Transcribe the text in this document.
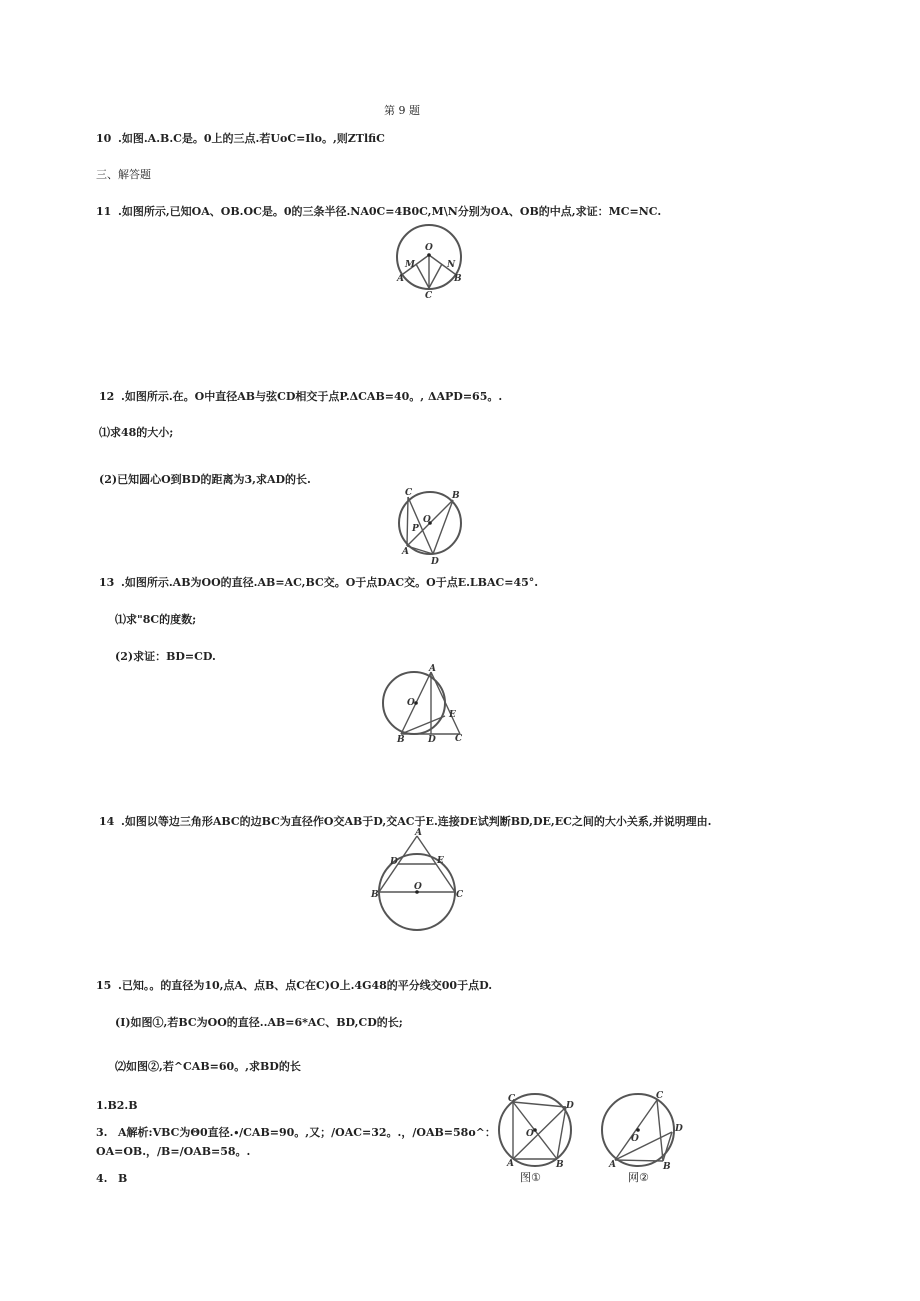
第 9 题
10 .如图.A.B.C是。0上的三点.若UoC=Ilo。,则ZTlfiC
三、解答题
11 .如图所示,已知OA、OB.OC是。0的三条半径.NA0C=4B0C,M\N分别为OA、OB的中点,求证：MC=NC.
O
M	N
A	B
C
12 .如图所示.在。O中直径AB与弦CD相交于点P.ΔCAB=40。, ΔAPD=65。.
⑴求48的大小;
(2)已知圆心O到BD的距离为3,求AD的长.
C	B
O
P
A
D
13 .如图所示.AB为OO的直径.AB=AC,BC交。O于点DAC交。O于点E.LBAC=45°.
⑴求"8C的度数;
(2)求证：BD=CD.
A
O
E
B	D C
14 .如图以等边三角形ABC的边BC为直径作O交AB于D,交AC于E.连接DE试判断BD,DE,EC之间的大小关系,并说明理由.
A
D	E
O
B	C
15 .已知。。的直径为10,点A、点B、点C在C)O上.4G48的平分线交00于点D.
(I)如图①,若BC为OO的直径..AB=6*AC、BD,CD的长;
⑵如图②,若^CAB=60。,求BD的长
1.B2.B
3. A解析:VBC为Θ0直径.∙/CAB=90。,又；/OAC=32。.，/OAB=58o^：
OA=OB.，/B=/OAB=58。.
4. B
C
D
O
A	B
图①
C
D
O
A	B
网②
